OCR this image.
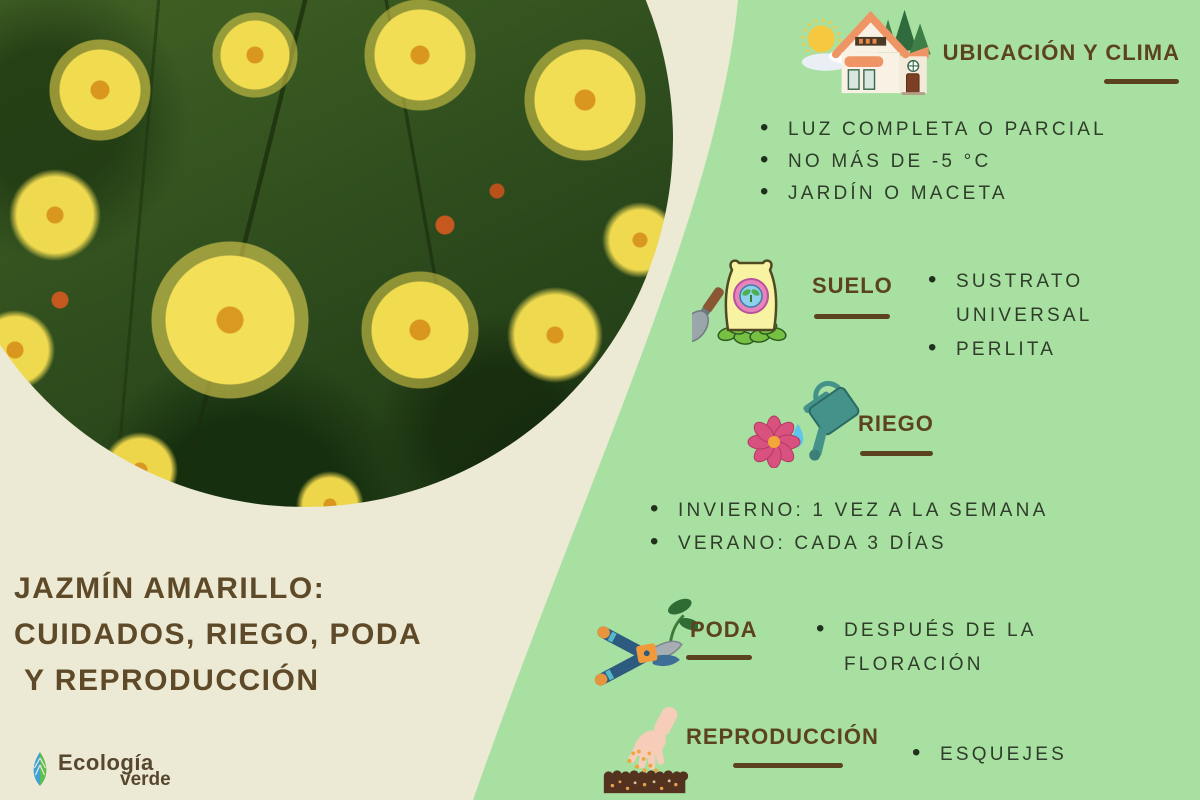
UBICACIÓN Y CLIMA
• LUZ COMPLETA O PARCIAL
• NO MÁS DE -5 °C
• JARDÍN O MACETA
SUELO	• SUSTRATO UNIVERSAL
• PERLITA
RIEGO
• INVIERNO: 1 VEZ A LA SEMANA
• VERANO: CADA 3 DÍAS
PODA	• DESPUÉS DE LA FLORACIÓN
REPRODUCCIÓN
• ESQUEJES
JAZMÍN AMARILLO:
CUIDADOS, RIEGO, PODA
Y REPRODUCCIÓN
Ecología
verde
